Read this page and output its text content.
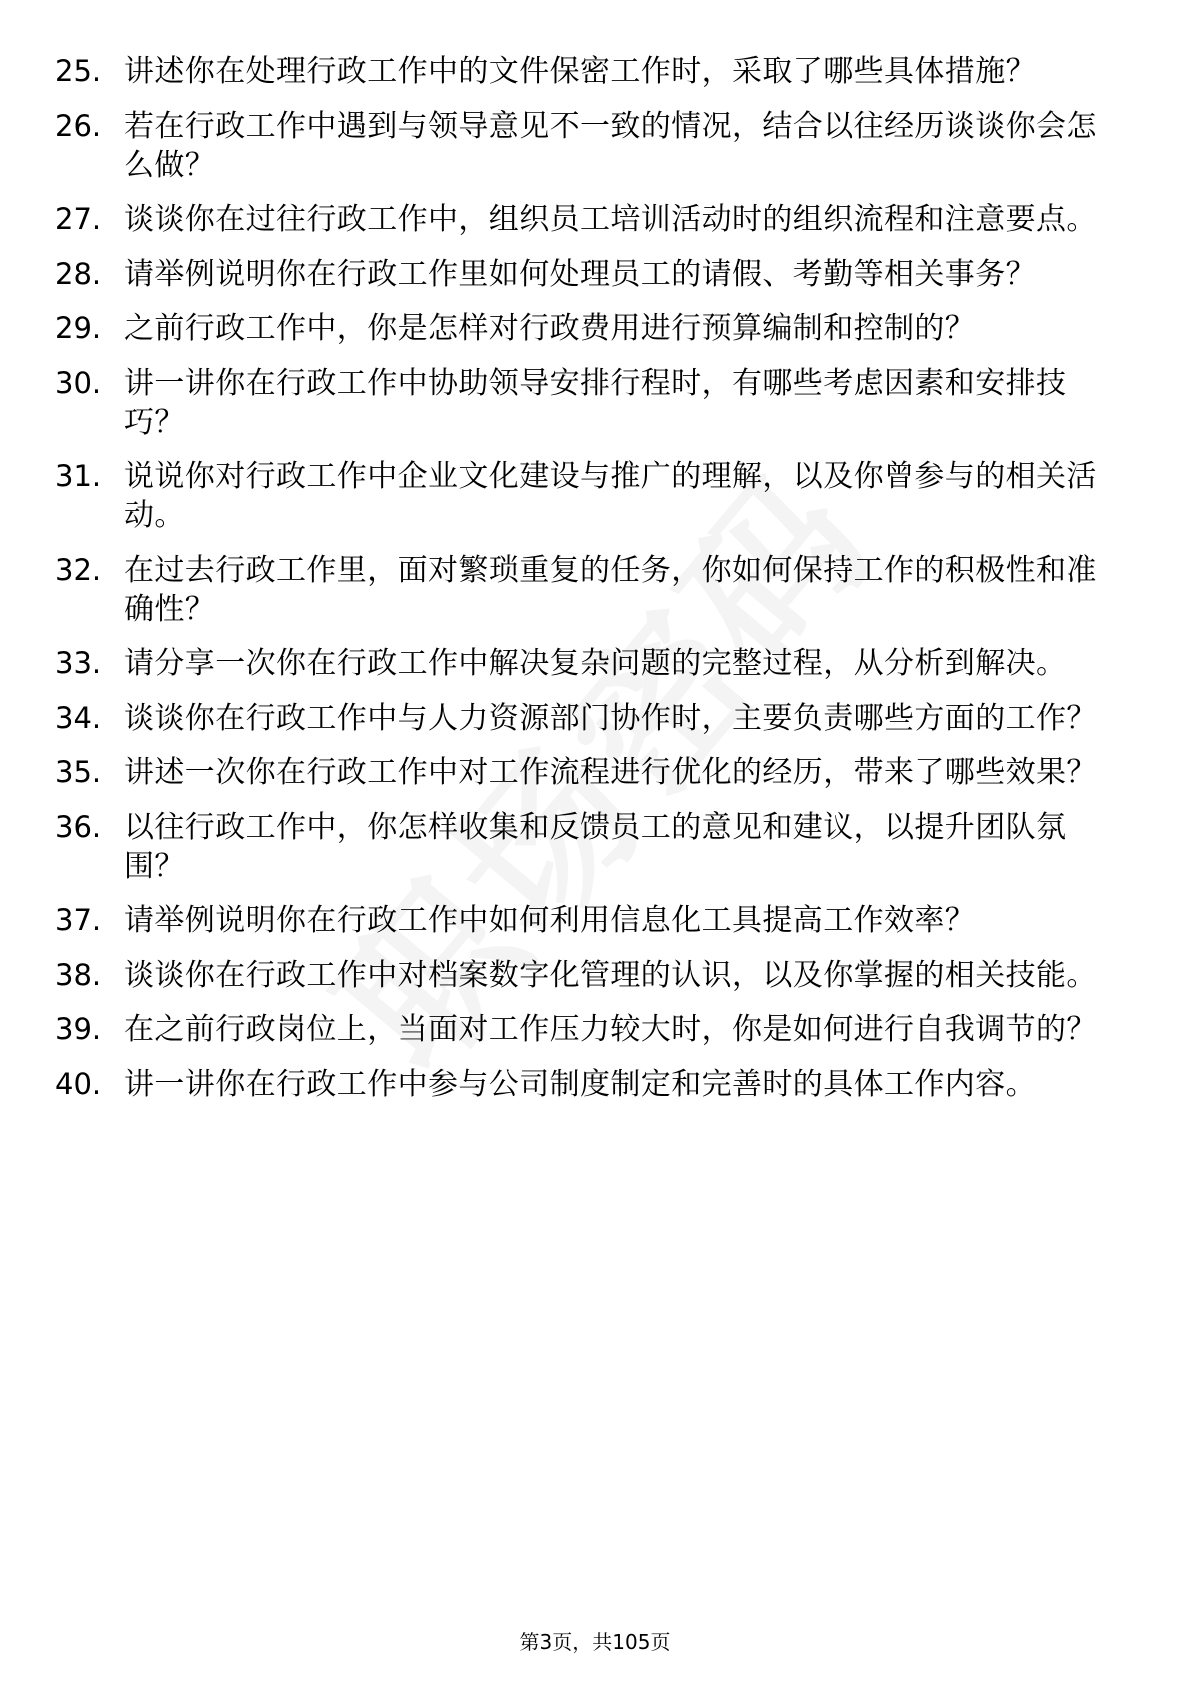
25. 讲述你在处理行政工作中的文件保密工作时，采取了哪些具体措施？
26. 若在行政工作中遇到与领导意见不一致的情况，结合以往经历谈谈你会怎么做？
27. 谈谈你在过往行政工作中，组织员工培训活动时的组织流程和注意要点。
28. 请举例说明你在行政工作里如何处理员工的请假、考勤等相关事务？
29. 之前行政工作中，你是怎样对行政费用进行预算编制和控制的？
30. 讲一讲你在行政工作中协助领导安排行程时，有哪些考虑因素和安排技巧？
31. 说说你对行政工作中企业文化建设与推广的理解，以及你曾参与的相关活动。
32. 在过去行政工作里，面对繁琐重复的任务，你如何保持工作的积极性和准确性？
33. 请分享一次你在行政工作中解决复杂问题的完整过程，从分析到解决。
34. 谈谈你在行政工作中与人力资源部门协作时，主要负责哪些方面的工作？
35. 讲述一次你在行政工作中对工作流程进行优化的经历，带来了哪些效果？
36. 以往行政工作中，你怎样收集和反馈员工的意见和建议，以提升团队氛围？
37. 请举例说明你在行政工作中如何利用信息化工具提高工作效率？
38. 谈谈你在行政工作中对档案数字化管理的认识，以及你掌握的相关技能。
39. 在之前行政岗位上，当面对工作压力较大时，你是如何进行自我调节的？
40. 讲一讲你在行政工作中参与公司制度制定和完善时的具体工作内容。
第3页，共105页
